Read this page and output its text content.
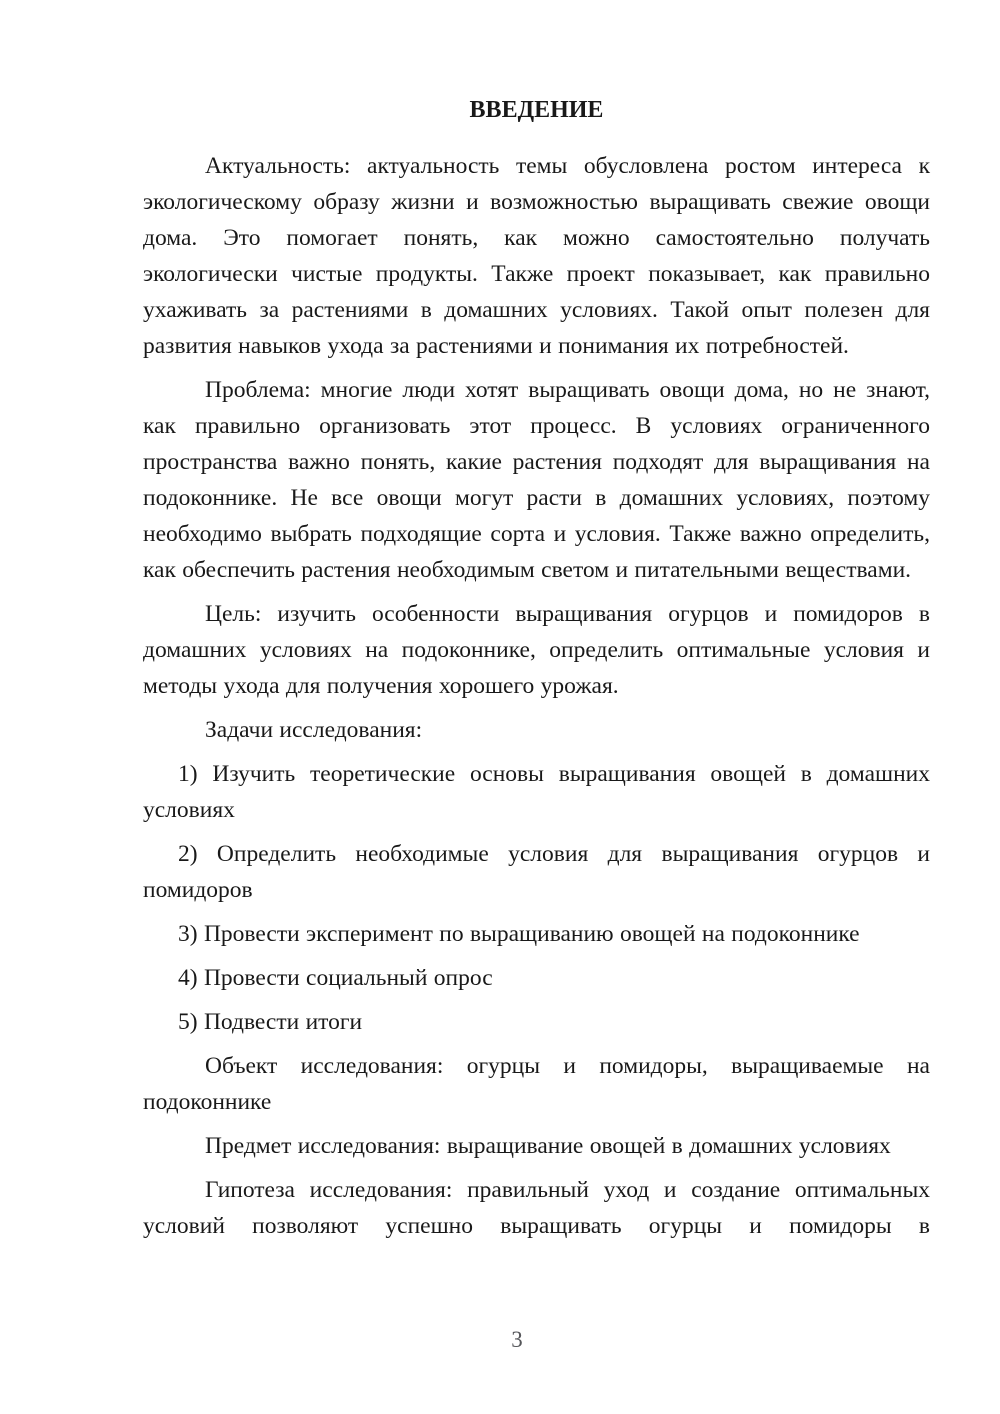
ВВЕДЕНИЕ

Актуальность: актуальность темы обусловлена ростом интереса к экологическому образу жизни и возможностью выращивать свежие овощи дома. Это помогает понять, как можно самостоятельно получать экологически чистые продукты. Также проект показывает, как правильно ухаживать за растениями в домашних условиях. Такой опыт полезен для развития навыков ухода за растениями и понимания их потребностей.

Проблема: многие люди хотят выращивать овощи дома, но не знают, как правильно организовать этот процесс. В условиях ограниченного пространства важно понять, какие растения подходят для выращивания на подоконнике. Не все овощи могут расти в домашних условиях, поэтому необходимо выбрать подходящие сорта и условия. Также важно определить, как обеспечить растения необходимым светом и питательными веществами.

Цель: изучить особенности выращивания огурцов и помидоров в домашних условиях на подоконнике, определить оптимальные условия и методы ухода для получения хорошего урожая.

Задачи исследования:

1) Изучить теоретические основы выращивания овощей в домашних условиях

2) Определить необходимые условия для выращивания огурцов и помидоров

3) Провести эксперимент по выращиванию овощей на подоконнике

4) Провести социальный опрос

5) Подвести итоги

Объект исследования: огурцы и помидоры, выращиваемые на подоконнике

Предмет исследования: выращивание овощей в домашних условиях

Гипотеза исследования: правильный уход и создание оптимальных условий позволяют успешно выращивать огурцы и помидоры в

3
